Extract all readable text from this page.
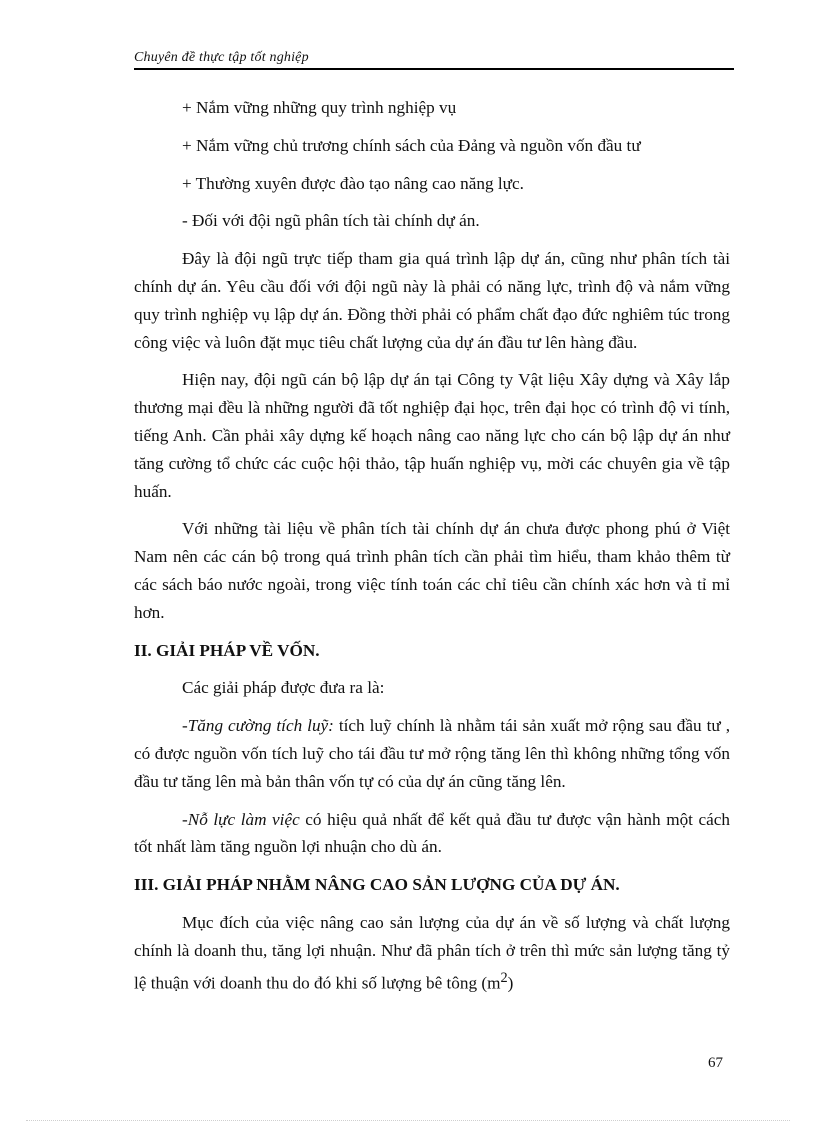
Chuyên đề thực tập tốt nghiệp

+ Nắm vững những quy trình nghiệp vụ

+ Nắm vững chủ trương chính sách của Đảng và nguồn vốn đầu tư

+ Thường xuyên được đào tạo nâng cao năng lực.

- Đối với đội ngũ phân tích tài chính dự án.

Đây là đội ngũ trực tiếp tham gia quá trình lập dự án, cũng như phân tích tài chính dự án. Yêu cầu đối với đội ngũ này là phải có năng lực, trình độ và nắm vững quy trình nghiệp vụ lập dự án. Đồng thời phải có phẩm chất đạo đức nghiêm túc trong công việc và luôn đặt mục tiêu chất lượng của dự án đầu tư lên hàng đầu.

Hiện nay, đội ngũ cán bộ lập dự án tại Công ty Vật liệu Xây dựng và Xây lắp thương mại đều là những người đã tốt nghiệp đại học, trên đại học có trình độ vi tính, tiếng Anh. Cần phải xây dựng kế hoạch nâng cao năng lực cho cán bộ lập dự án như tăng cường tổ chức các cuộc hội thảo, tập huấn nghiệp vụ, mời các chuyên gia về tập huấn.

Với những tài liệu về phân tích tài chính dự án chưa được phong phú ở Việt Nam nên các cán bộ trong quá trình phân tích cần phải tìm hiểu, tham khảo thêm từ các sách báo nước ngoài, trong việc tính toán các chỉ tiêu cần chính xác hơn và tỉ mỉ hơn.

II. GIẢI PHÁP VỀ VỐN.

Các giải pháp được đưa ra là:

-Tăng cường tích luỹ: tích luỹ chính là nhằm tái sản xuất mở rộng sau đầu tư , có được nguồn vốn tích luỹ cho tái đầu tư mở rộng tăng lên thì không những tổng vốn đầu tư tăng lên mà bản thân vốn tự có của dự án cũng tăng lên.

-Nỗ lực làm việc có hiệu quả nhất để kết quả đầu tư được vận hành một cách tốt nhất làm tăng nguồn lợi nhuận cho dù án.

III. GIẢI PHÁP NHẰM NÂNG CAO SẢN LƯỢNG CỦA DỰ ÁN.

Mục đích của việc nâng cao sản lượng của dự án về số lượng và chất lượng chính là doanh thu, tăng lợi nhuận. Như đã phân tích ở trên thì mức sản lượng tăng tỷ lệ thuận với doanh thu do đó khi số lượng bê tông $(m^2)$

67
